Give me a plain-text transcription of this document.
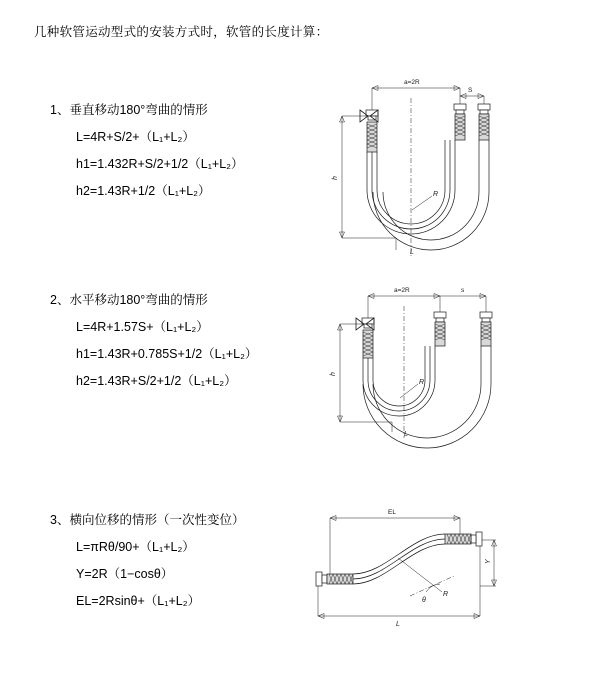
几种软管运动型式的安装方式时，软管的长度计算：
1、垂直移动180°弯曲的情形
L=4R+S/2+（L₁+L₂）
h1=1.432R+S/2+1/2（L₁+L₂）
h2=1.43R+1/2（L₁+L₂）
a=2R
S
h
R
L
2、水平移动180°弯曲的情形
L=4R+1.57S+（L₁+L₂）
h1=1.43R+0.785S+1/2（L₁+L₂）
h2=1.43R+S/2+1/2（L₁+L₂）
a=2R	s
h
R
L
3、横向位移的情形（一次性变位）
L=πRθ/90+（L₁+L₂）
Y=2R（1−cosθ）
EL=2Rsinθ+（L₁+L₂）
EL
L
Y
R
θ
